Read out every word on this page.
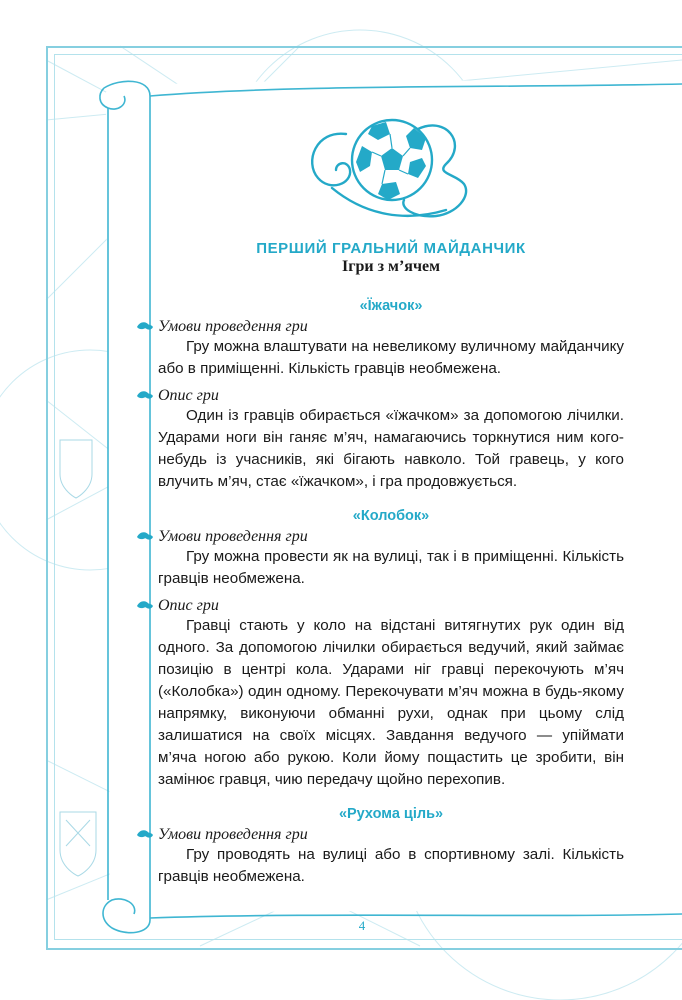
ПЕРШИЙ ГРАЛЬНИЙ МАЙДАНЧИК
Ігри з м’ячем
«Їжачок»

Умови проведення гри

Гру можна влаштувати на невеликому вуличному майданчику або в приміщенні. Кількість гравців необмежена.

Опис гри

Один із гравців обирається «їжачком» за допомогою лічилки. Ударами ноги він ганяє м’яч, намагаючись торкнутися ним кого-небудь із учасників, які бігають навколо. Той гравець, у кого влучить м’яч, стає «їжачком», і гра продовжується.

«Колобок»

Умови проведення гри

Гру можна провести як на вулиці, так і в приміщенні. Кількість гравців необмежена.

Опис гри

Гравці стають у коло на відстані витягнутих рук один від одного. За допомогою лічилки обирається ведучий, який займає позицію в центрі кола. Ударами ніг гравці перекочують м’яч («Колобка») один одному. Перекочувати м’яч можна в будь-якому напрямку, виконуючи обманні рухи, однак при цьому слід залишатися на своїх місцях. Завдання ведучого — упіймати м’яча ногою або рукою. Коли йому пощастить це зробити, він замінює гравця, чию передачу щойно перехопив.

«Рухома ціль»

Умови проведення гри

Гру проводять на вулиці або в спортивному залі. Кількість гравців необмежена.

4
